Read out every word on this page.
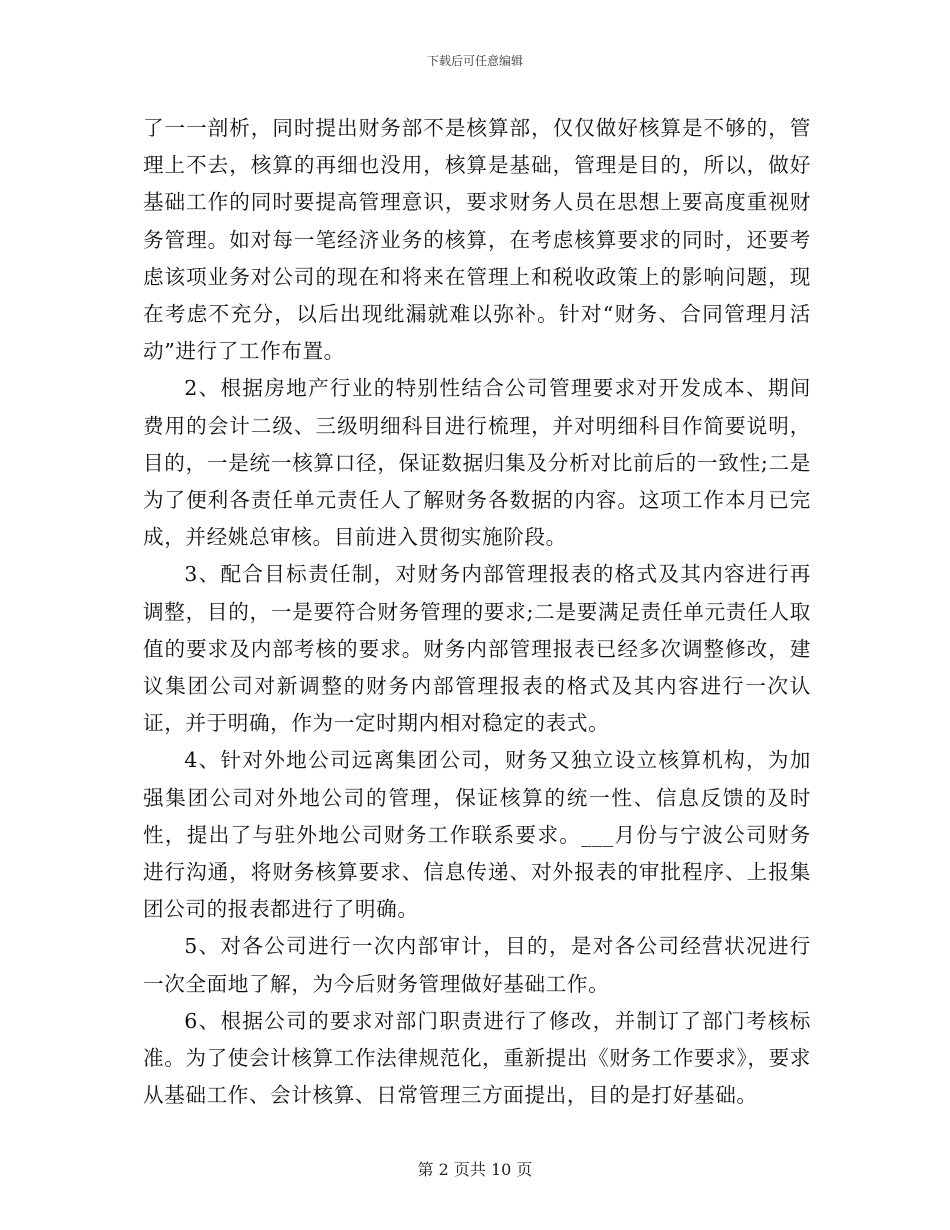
下载后可任意编辑

了一一剖析，同时提出财务部不是核算部，仅仅做好核算是不够的，管理上不去，核算的再细也没用，核算是基础，管理是目的，所以，做好基础工作的同时要提高管理意识，要求财务人员在思想上要高度重视财务管理。如对每一笔经济业务的核算，在考虑核算要求的同时，还要考虑该项业务对公司的现在和将来在管理上和税收政策上的影响问题，现在考虑不充分，以后出现纰漏就难以弥补。针对“财务、合同管理月活动”进行了工作布置。

2、根据房地产行业的特别性结合公司管理要求对开发成本、期间费用的会计二级、三级明细科目进行梳理，并对明细科目作简要说明，目的，一是统一核算口径，保证数据归集及分析对比前后的一致性;二是为了便利各责任单元责任人了解财务各数据的内容。这项工作本月已完成，并经姚总审核。目前进入贯彻实施阶段。

3、配合目标责任制，对财务内部管理报表的格式及其内容进行再调整，目的，一是要符合财务管理的要求;二是要满足责任单元责任人取值的要求及内部考核的要求。财务内部管理报表已经多次调整修改，建议集团公司对新调整的财务内部管理报表的格式及其内容进行一次认证，并于明确，作为一定时期内相对稳定的表式。

4、针对外地公司远离集团公司，财务又独立设立核算机构，为加强集团公司对外地公司的管理，保证核算的统一性、信息反馈的及时性，提出了与驻外地公司财务工作联系要求。___月份与宁波公司财务进行沟通，将财务核算要求、信息传递、对外报表的审批程序、上报集团公司的报表都进行了明确。

5、对各公司进行一次内部审计，目的，是对各公司经营状况进行一次全面地了解，为今后财务管理做好基础工作。

6、根据公司的要求对部门职责进行了修改，并制订了部门考核标准。为了使会计核算工作法律规范化，重新提出《财务工作要求》，要求从基础工作、会计核算、日常管理三方面提出，目的是打好基础。

第 2 页共 10 页
